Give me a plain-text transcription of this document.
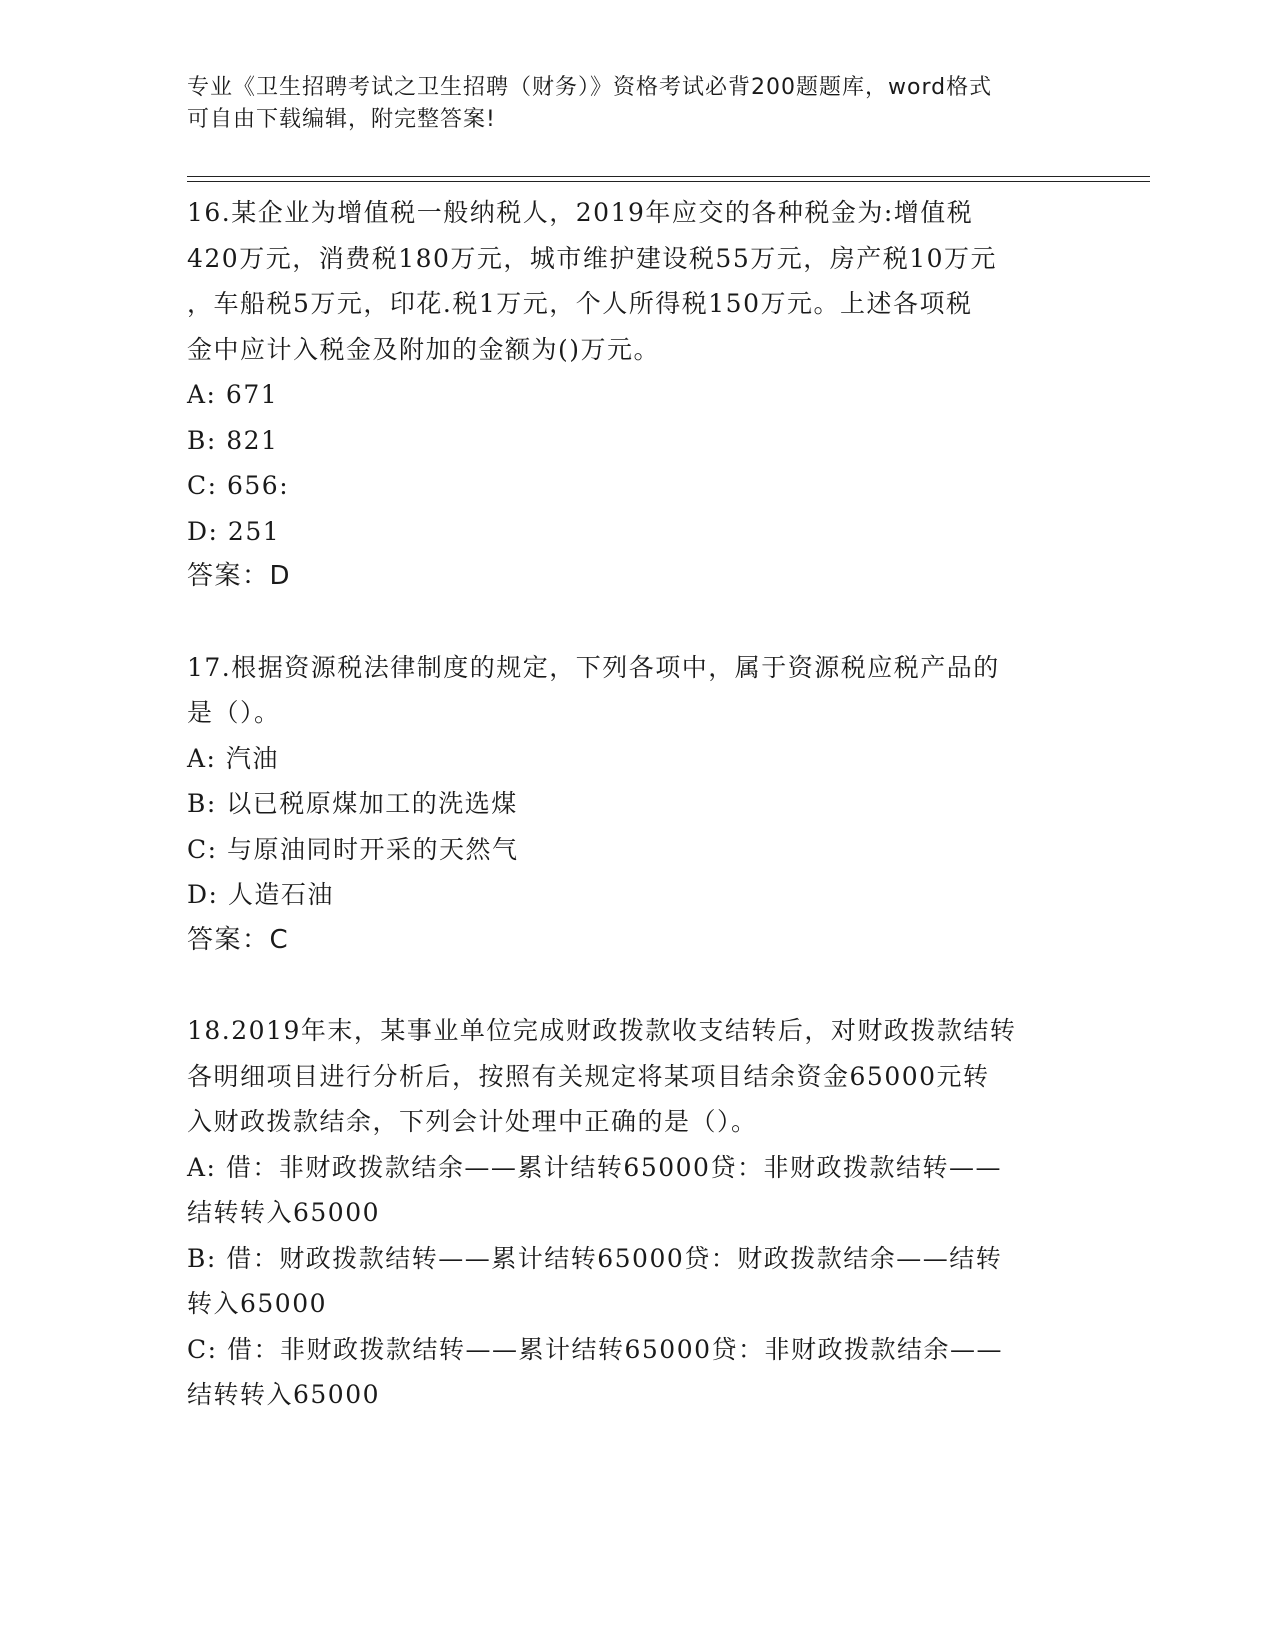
专业《卫生招聘考试之卫生招聘（财务）》资格考试必背200题题库，word格式
可自由下载编辑，附完整答案!
16.某企业为增值税一般纳税人，2019年应交的各种税金为:增值税
420万元，消费税180万元，城市维护建设税55万元，房产税10万元
，车船税5万元，印花.税1万元，个人所得税150万元。上述各项税
金中应计入税金及附加的金额为()万元。
A: 671
B: 821
C: 656:
D: 251
答案：D
17.根据资源税法律制度的规定，下列各项中，属于资源税应税产品的
是（）。
A: 汽油
B: 以已税原煤加工的洗选煤
C: 与原油同时开采的天然气
D: 人造石油
答案：C
18.2019年末，某事业单位完成财政拨款收支结转后，对财政拨款结转
各明细项目进行分析后，按照有关规定将某项目结余资金65000元转
入财政拨款结余，下列会计处理中正确的是（）。
A: 借：非财政拨款结余——累计结转65000贷：非财政拨款结转——
结转转入65000
B: 借：财政拨款结转——累计结转65000贷：财政拨款结余——结转
转入65000
C: 借：非财政拨款结转——累计结转65000贷：非财政拨款结余——
结转转入65000
